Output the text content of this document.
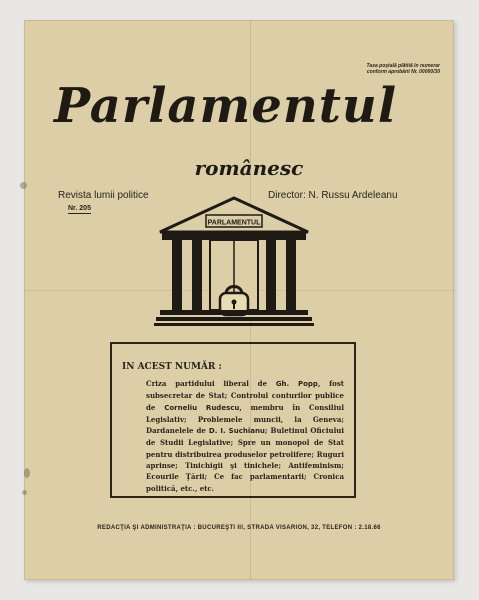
Taxa poştală plătită în numerar
conform aprobării Nr. 00000/30
Parlamentul
românesc
Revista lumii politice	Director: N. Russu Ardeleanu
Nr. 205
PARLAMENTUL
IN ACEST NUMĂR :
Criza partidului liberal de Gh. Popp, fost subsecretar de Stat; Controlul conturilor publice de Corneliu Rudescu, membru în Consiliul Legislativ; Problemele muncii, la Geneva; Dardanelele de D. I. Suchianu; Buletinul Oficiului de Studii Legislative; Spre un monopol de Stat pentru distribuirea produselor petrolifere; Ruguri aprinse; Tinichigii şi tinichele; Antifeminism; Ecourile Ţării; Ce fac parlamentarii; Cronica politică, etc., etc.
REDACŢIA ŞI ADMINISTRAŢIA : BUCUREŞTI III, STRADA VISARION, 32, TELEFON : 2.18.66
